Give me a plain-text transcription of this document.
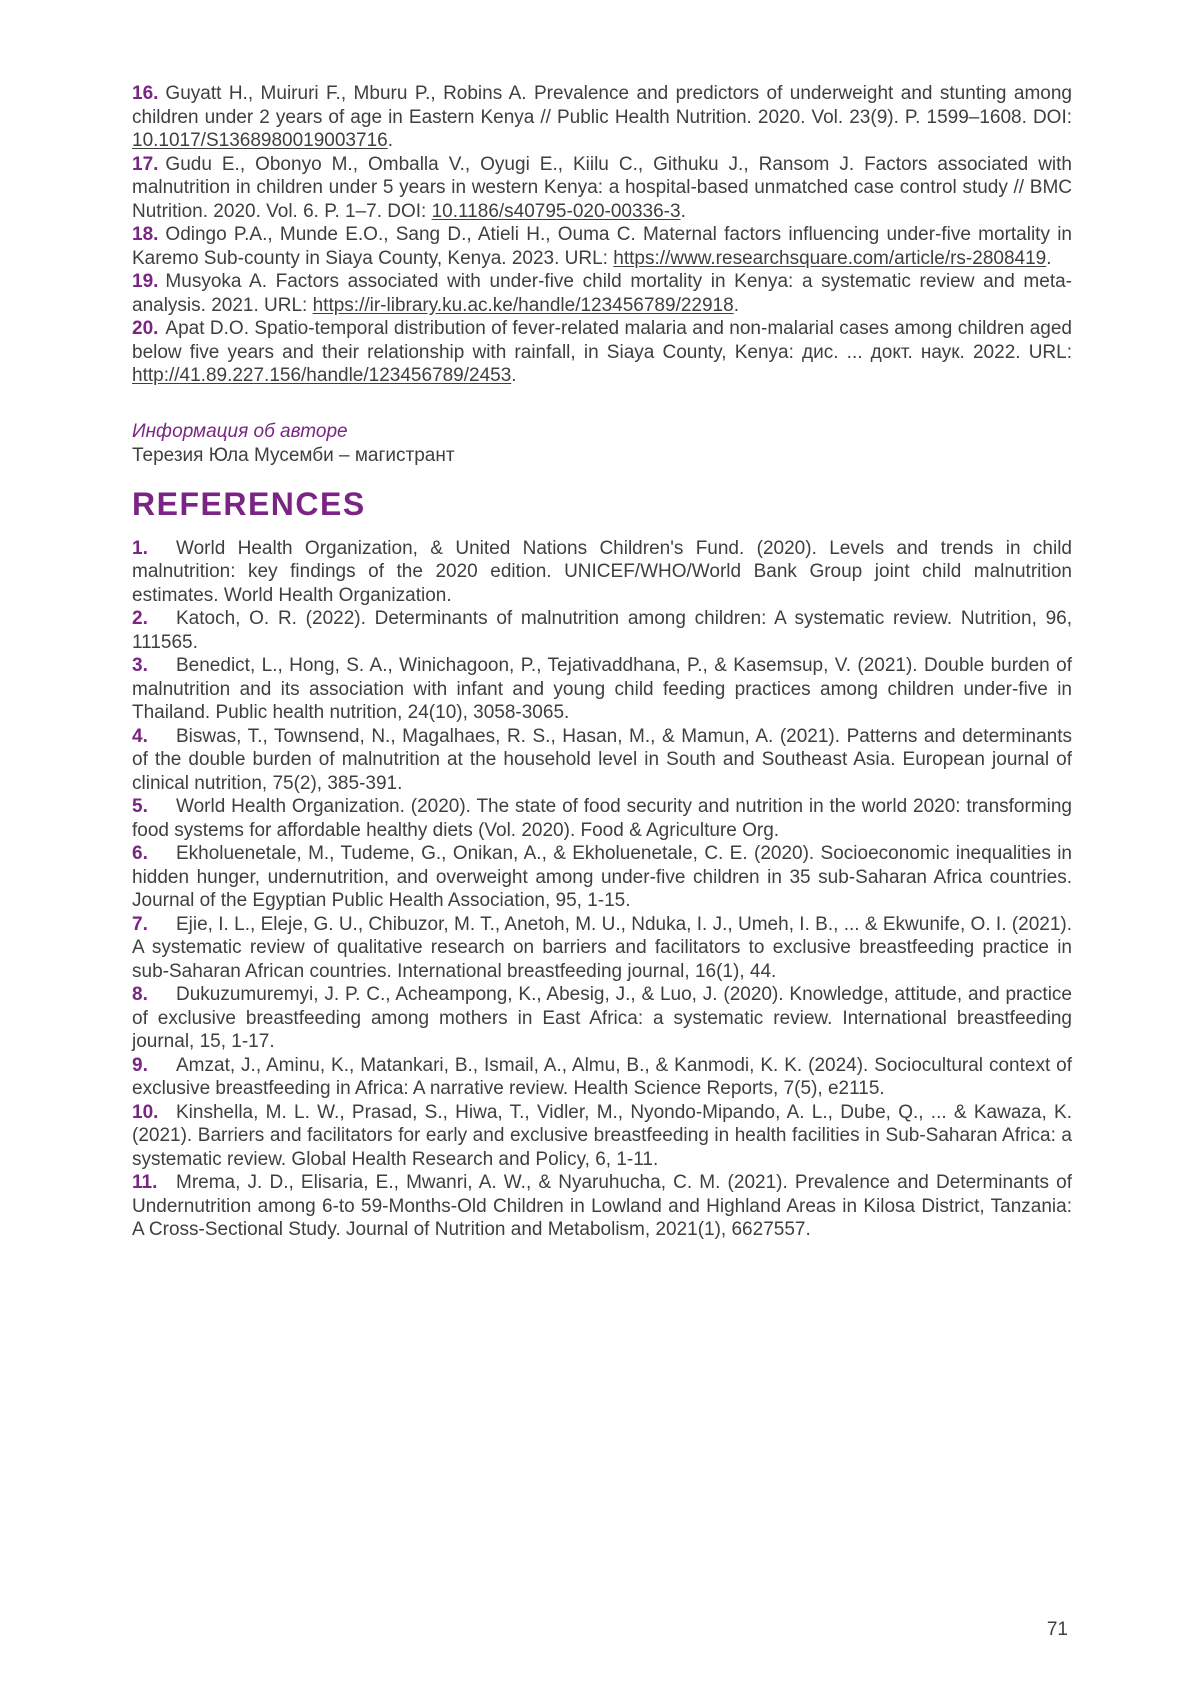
16. Guyatt H., Muiruri F., Mburu P., Robins A. Prevalence and predictors of underweight and stunting among children under 2 years of age in Eastern Kenya // Public Health Nutrition. 2020. Vol. 23(9). P. 1599–1608. DOI: 10.1017/S1368980019003716.

17. Gudu E., Obonyo M., Omballa V., Oyugi E., Kiilu C., Githuku J., Ransom J. Factors associated with malnutrition in children under 5 years in western Kenya: a hospital-based unmatched case control study // BMC Nutrition. 2020. Vol. 6. P. 1–7. DOI: 10.1186/s40795-020-00336-3.

18. Odingo P.A., Munde E.O., Sang D., Atieli H., Ouma C. Maternal factors influencing under-five mortality in Karemo Sub-county in Siaya County, Kenya. 2023. URL: https://www.researchsquare.com/article/rs-2808419.

19. Musyoka A. Factors associated with under-five child mortality in Kenya: a systematic review and meta-analysis. 2021. URL: https://ir-library.ku.ac.ke/handle/123456789/22918.

20. Apat D.O. Spatio-temporal distribution of fever-related malaria and non-malarial cases among children aged below five years and their relationship with rainfall, in Siaya County, Kenya: дис. ... докт. наук. 2022. URL: http://41.89.227.156/handle/123456789/2453.

Информация об авторе

Терезия Юла Мусемби – магистрант

REFERENCES

1. World Health Organization, & United Nations Children's Fund. (2020). Levels and trends in child malnutrition: key findings of the 2020 edition. UNICEF/WHO/World Bank Group joint child malnutrition estimates. World Health Organization.

2. Katoch, O. R. (2022). Determinants of malnutrition among children: A systematic review. Nutrition, 96, 111565.

3. Benedict, L., Hong, S. A., Winichagoon, P., Tejativaddhana, P., & Kasemsup, V. (2021). Double burden of malnutrition and its association with infant and young child feeding practices among children under-five in Thailand. Public health nutrition, 24(10), 3058-3065.

4. Biswas, T., Townsend, N., Magalhaes, R. S., Hasan, M., & Mamun, A. (2021). Patterns and determinants of the double burden of malnutrition at the household level in South and Southeast Asia. European journal of clinical nutrition, 75(2), 385-391.

5. World Health Organization. (2020). The state of food security and nutrition in the world 2020: transforming food systems for affordable healthy diets (Vol. 2020). Food & Agriculture Org.

6. Ekholuenetale, M., Tudeme, G., Onikan, A., & Ekholuenetale, C. E. (2020). Socioeconomic inequalities in hidden hunger, undernutrition, and overweight among under-five children in 35 sub-Saharan Africa countries. Journal of the Egyptian Public Health Association, 95, 1-15.

7. Ejie, I. L., Eleje, G. U., Chibuzor, M. T., Anetoh, M. U., Nduka, I. J., Umeh, I. B., ... & Ekwunife, O. I. (2021). A systematic review of qualitative research on barriers and facilitators to exclusive breastfeeding practice in sub-Saharan African countries. International breastfeeding journal, 16(1), 44.

8. Dukuzumuremyi, J. P. C., Acheampong, K., Abesig, J., & Luo, J. (2020). Knowledge, attitude, and practice of exclusive breastfeeding among mothers in East Africa: a systematic review. International breastfeeding journal, 15, 1-17.

9. Amzat, J., Aminu, K., Matankari, B., Ismail, A., Almu, B., & Kanmodi, K. K. (2024). Sociocultural context of exclusive breastfeeding in Africa: A narrative review. Health Science Reports, 7(5), e2115.

10. Kinshella, M. L. W., Prasad, S., Hiwa, T., Vidler, M., Nyondo-Mipando, A. L., Dube, Q., ... & Kawaza, K. (2021). Barriers and facilitators for early and exclusive breastfeeding in health facilities in Sub-Saharan Africa: a systematic review. Global Health Research and Policy, 6, 1-11.

11. Mrema, J. D., Elisaria, E., Mwanri, A. W., & Nyaruhucha, C. M. (2021). Prevalence and Determinants of Undernutrition among 6-to 59-Months-Old Children in Lowland and Highland Areas in Kilosa District, Tanzania: A Cross-Sectional Study. Journal of Nutrition and Metabolism, 2021(1), 6627557.

71
